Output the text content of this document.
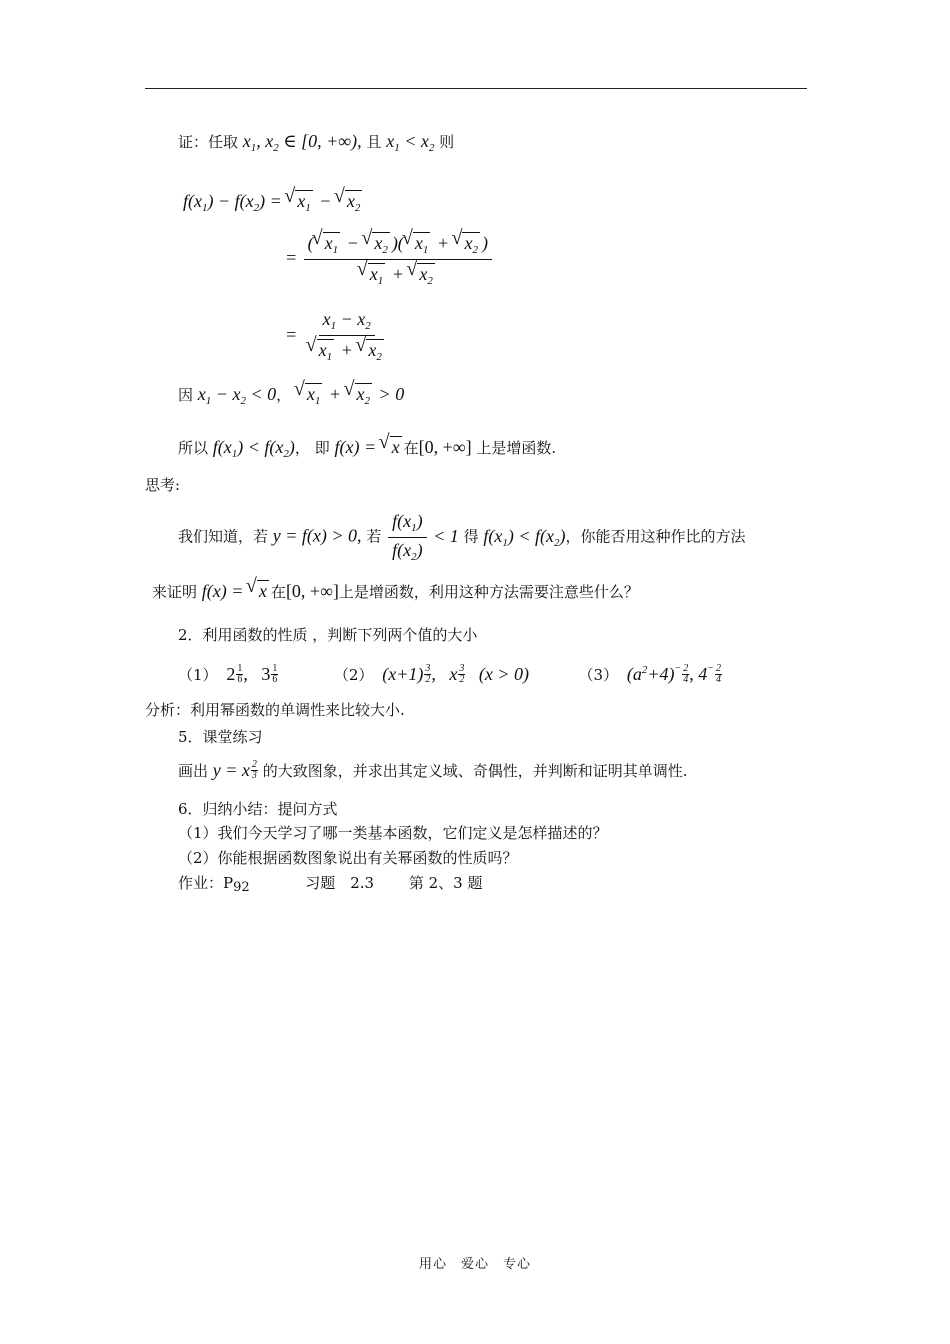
证：任取 $x_1$, $x_2$ ∈ [0, +∞), 且 $x_1 < x_2$ 则
$f(x_1) - f(x_2)$ = √ $x_1$ − √ $x_2$
= ( √ $x_1$ − √ $x_2$ )( √ $x_1$ + √ $x_2$ )
√ $x_1$ + √ $x_2$
= $x_1 - x_2$
√ $x_1$ + √ $x_2$
因 $x_1 - x_2 < 0$， √ $x_1$ + √ $x_2 > 0$
所以 $f(x_1) < f(x_2)$， 即 f(x) = √ x 在[0, +∞] 上是增函数.
思考:
我们知道，若 y = f(x) > 0, 若 $\frac{f(x_1)}{f(x_2)} < 1$ 得 $f(x_1) < f(x_2)$，你能否用这种作比的方法
来证明 f(x) = √ x 在[0, +∞]上是增函数，利用这种方法需要注意些什么？
2．利用函数的性质 ，判断下列两个值的大小
（1） $2 \frac{1}{6}$ ,   $3 \frac{1}{6}$	（2） $(x+1) \frac{3}{2}$ ,   x $\frac{3}{2} (x > 0)$	（3） $(a^2+4)^- \frac{2}{4}$ , $4^- \frac{2}{4}$
分析：利用幂函数的单调性来比较大小.
5．课堂练习
画出 y = x $\frac{2}{3}$ 的大致图象，并求出其定义域、奇偶性，并判断和证明其单调性.
6．归纳小结：提问方式
（1）我们今天学习了哪一类基本函数，它们定义是怎样描述的？
（2）你能根据函数图象说出有关幂函数的性质吗？
作业：P92	习题　2.3　　 第 2、3 题
用心　爱心　专心
